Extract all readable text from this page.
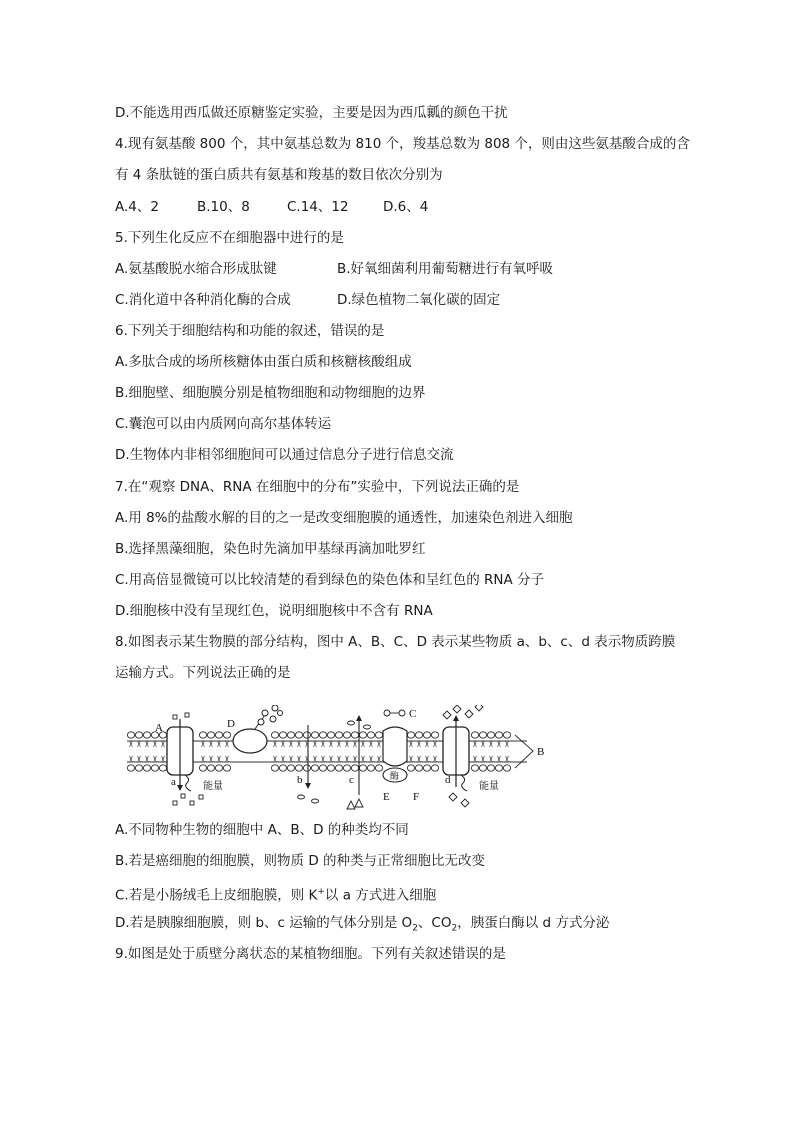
D.不能选用西瓜做还原糖鉴定实验，主要是因为西瓜瓤的颜色干扰
4.现有氨基酸 800 个，其中氨基总数为 810 个，羧基总数为 808 个，则由这些氨基酸合成的含
有 4 条肽链的蛋白质共有氨基和羧基的数目依次分别为
A.4、2	B.10、8	C.14、12	D.6、4
5.下列生化反应不在细胞器中进行的是
A.氨基酸脱水缩合形成肽键	B.好氧细菌利用葡萄糖进行有氧呼吸
C.消化道中各种消化酶的合成	D.绿色植物二氧化碳的固定
6.下列关于细胞结构和功能的叙述，错误的是
A.多肽合成的场所核糖体由蛋白质和核糖核酸组成
B.细胞壁、细胞膜分别是植物细胞和动物细胞的边界
C.囊泡可以由内质网向高尔基体转运
D.生物体内非相邻细胞间可以通过信息分子进行信息交流
7.在“观察 DNA、RNA 在细胞中的分布”实验中，下列说法正确的是
A.用 8%的盐酸水解的目的之一是改变细胞膜的通透性，加速染色剂进入细胞
B.选择黑藻细胞，染色时先滴加甲基绿再滴加吡罗红
C.用高倍显微镜可以比较清楚的看到绿色的染色体和呈红色的 RNA 分子
D.细胞核中没有呈现红色，说明细胞核中不含有 RNA
8.如图表示某生物膜的部分结构，图中 A、B、C、D 表示某些物质 a、b、c、d 表示物质跨膜
运输方式。下列说法正确的是
A	D
C
B
E F
a	b	c	d
能量	能量
酶
A.不同物种生物的细胞中 A、B、D 的种类均不同
B.若是癌细胞的细胞膜，则物质 D 的种类与正常细胞比无改变
C.若是小肠绒毛上皮细胞膜，则 K+以 a 方式进入细胞
D.若是胰腺细胞膜，则 b、c 运输的气体分别是 $O_2$、$CO_2$，胰蛋白酶以 d 方式分泌
9.如图是处于质壁分离状态的某植物细胞。下列有关叙述错误的是
